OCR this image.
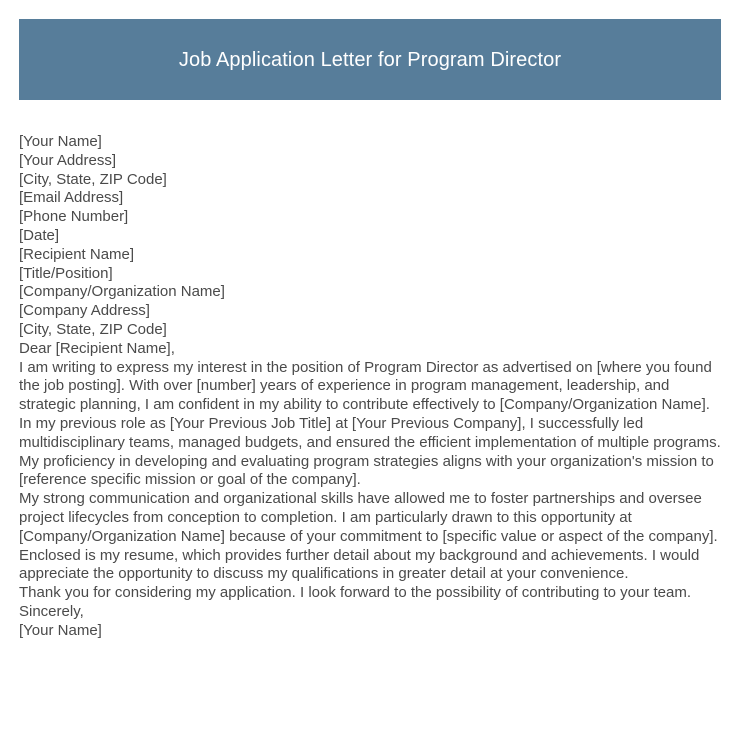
Job Application Letter for Program Director
[Your Name]
[Your Address]
[City, State, ZIP Code]
[Email Address]
[Phone Number]
[Date]
[Recipient Name]
[Title/Position]
[Company/Organization Name]
[Company Address]
[City, State, ZIP Code]
Dear [Recipient Name],
I am writing to express my interest in the position of Program Director as advertised on [where you found the job posting]. With over [number] years of experience in program management, leadership, and strategic planning, I am confident in my ability to contribute effectively to [Company/Organization Name].
In my previous role as [Your Previous Job Title] at [Your Previous Company], I successfully led multidisciplinary teams, managed budgets, and ensured the efficient implementation of multiple programs. My proficiency in developing and evaluating program strategies aligns with your organization's mission to [reference specific mission or goal of the company].
My strong communication and organizational skills have allowed me to foster partnerships and oversee project lifecycles from conception to completion. I am particularly drawn to this opportunity at [Company/Organization Name] because of your commitment to [specific value or aspect of the company].
Enclosed is my resume, which provides further detail about my background and achievements. I would appreciate the opportunity to discuss my qualifications in greater detail at your convenience.
Thank you for considering my application. I look forward to the possibility of contributing to your team.
Sincerely,
[Your Name]
